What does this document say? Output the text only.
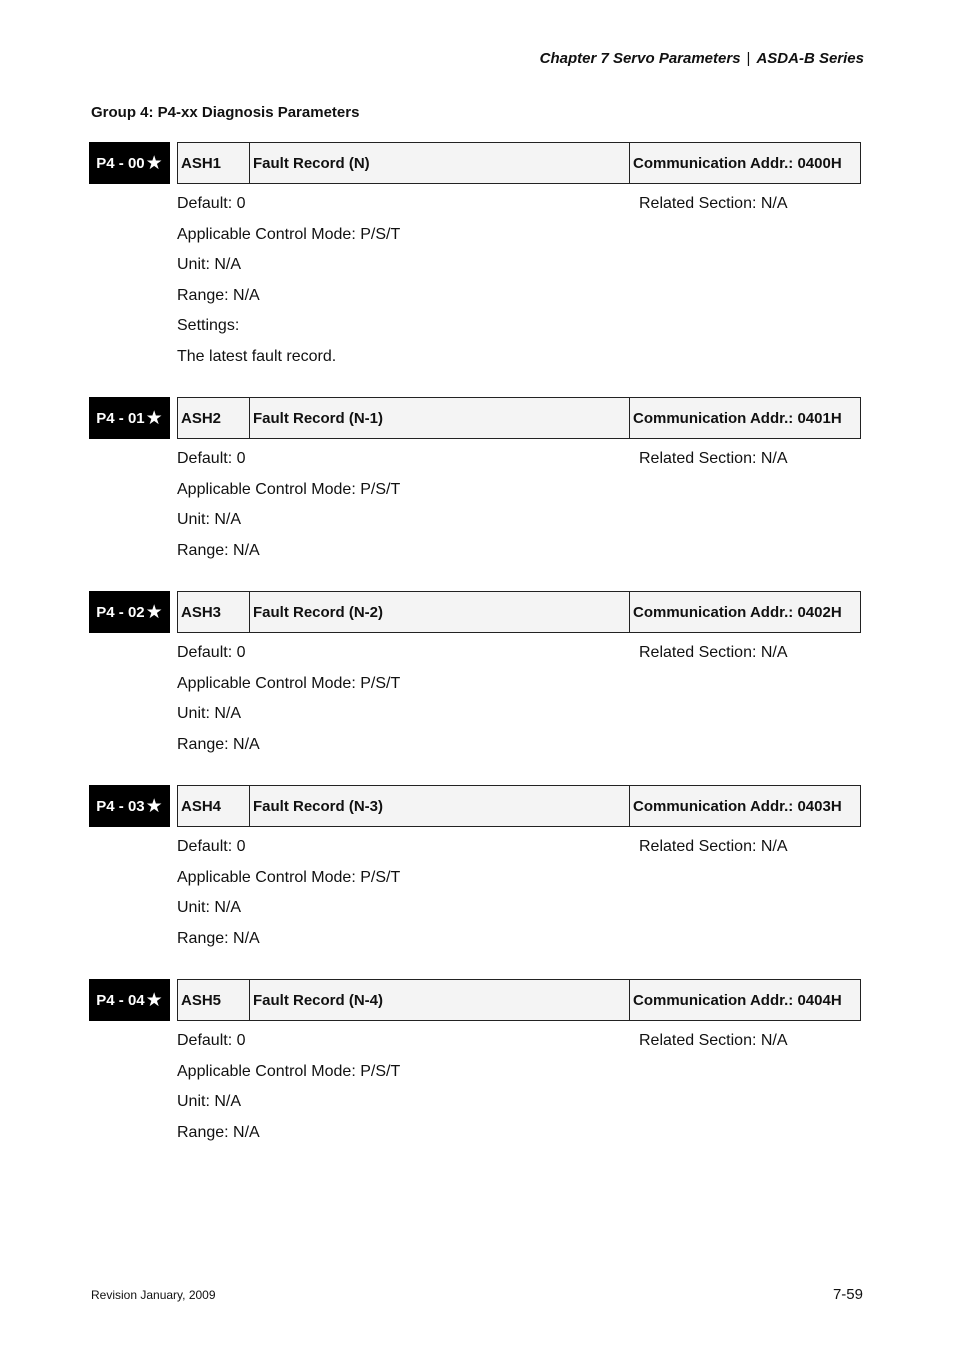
Chapter 7 Servo Parameters | ASDA-B Series
Group 4: P4-xx Diagnosis Parameters
P4 - 00 ★ ASH1	Fault Record (N)	Communication Addr.: 0400H
Default: 0
Applicable Control Mode: P/S/T
Unit: N/A
Range: N/A
Settings:
The latest fault record.
Related Section: N/A
P4 - 01 ★ ASH2	Fault Record (N-1)	Communication Addr.: 0401H
Default: 0
Applicable Control Mode: P/S/T
Unit: N/A
Range: N/A
Related Section: N/A
P4 - 02 ★ ASH3	Fault Record (N-2)	Communication Addr.: 0402H
Default: 0
Applicable Control Mode: P/S/T
Unit: N/A
Range: N/A
Related Section: N/A
P4 - 03 ★ ASH4	Fault Record (N-3)	Communication Addr.: 0403H
Default: 0
Applicable Control Mode: P/S/T
Unit: N/A
Range: N/A
Related Section: N/A
P4 - 04 ★ ASH5	Fault Record (N-4)	Communication Addr.: 0404H
Default: 0
Applicable Control Mode: P/S/T
Unit: N/A
Range: N/A
Related Section: N/A
Revision January, 2009	7-59
